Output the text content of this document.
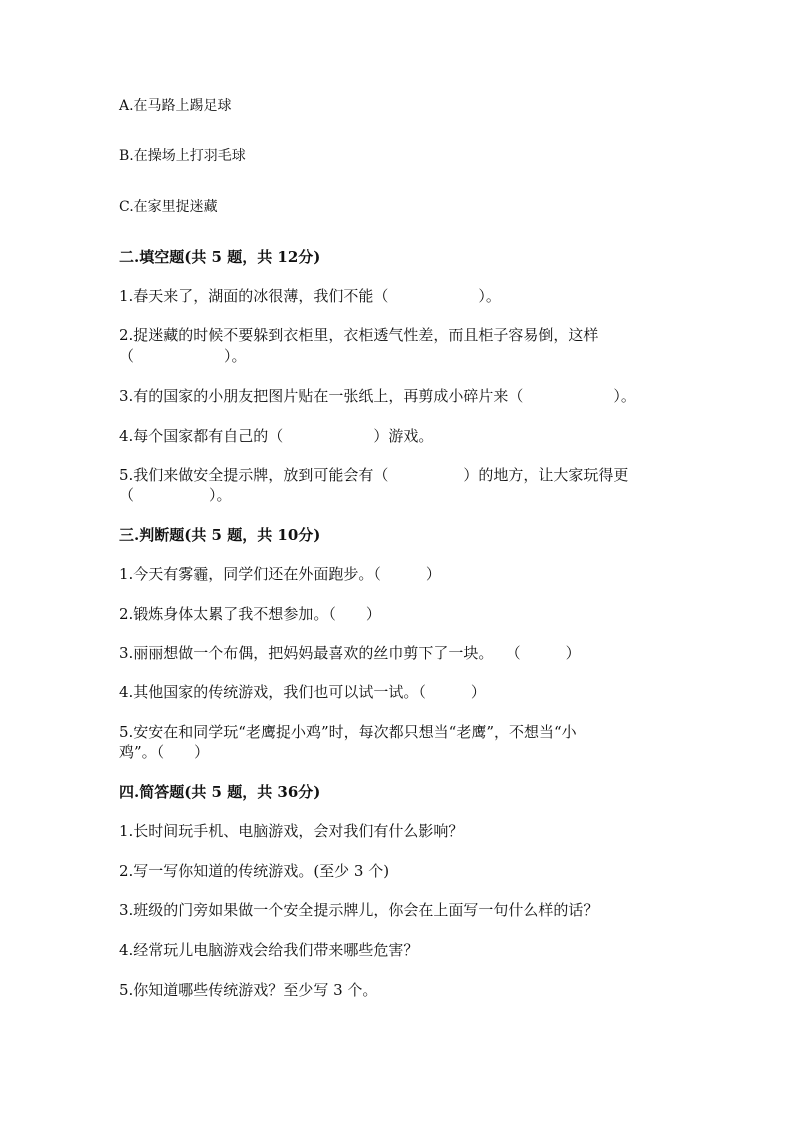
A.在马路上踢足球
B.在操场上打羽毛球
C.在家里捉迷藏
二.填空题(共 5 题，共 12分)
1.春天来了，湖面的冰很薄，我们不能（　　　　　　）。
2.捉迷藏的时候不要躲到衣柜里，衣柜透气性差，而且柜子容易倒，这样
（　　　　　　）。
3.有的国家的小朋友把图片贴在一张纸上，再剪成小碎片来（　　　　　　）。
4.每个国家都有自己的（　　　　　　）游戏。
5.我们来做安全提示牌，放到可能会有（　　　　　）的地方，让大家玩得更
（　　　　　）。
三.判断题(共 5 题，共 10分)
1.今天有雾霾，同学们还在外面跑步。（　　　）
2.锻炼身体太累了我不想参加。（　　）
3.丽丽想做一个布偶，把妈妈最喜欢的丝巾剪下了一块。　 （　　　）
4.其他国家的传统游戏，我们也可以试一试。（　　　）
5.安安在和同学玩“老鹰捉小鸡”时，每次都只想当“老鹰”，不想当“小
鸡”。（　　）
四.简答题(共 5 题，共 36分)
1.长时间玩手机、电脑游戏，会对我们有什么影响？
2.写一写你知道的传统游戏。(至少 3 个)
3.班级的门旁如果做一个安全提示牌儿，你会在上面写一句什么样的话？
4.经常玩儿电脑游戏会给我们带来哪些危害？
5.你知道哪些传统游戏？至少写 3 个。
